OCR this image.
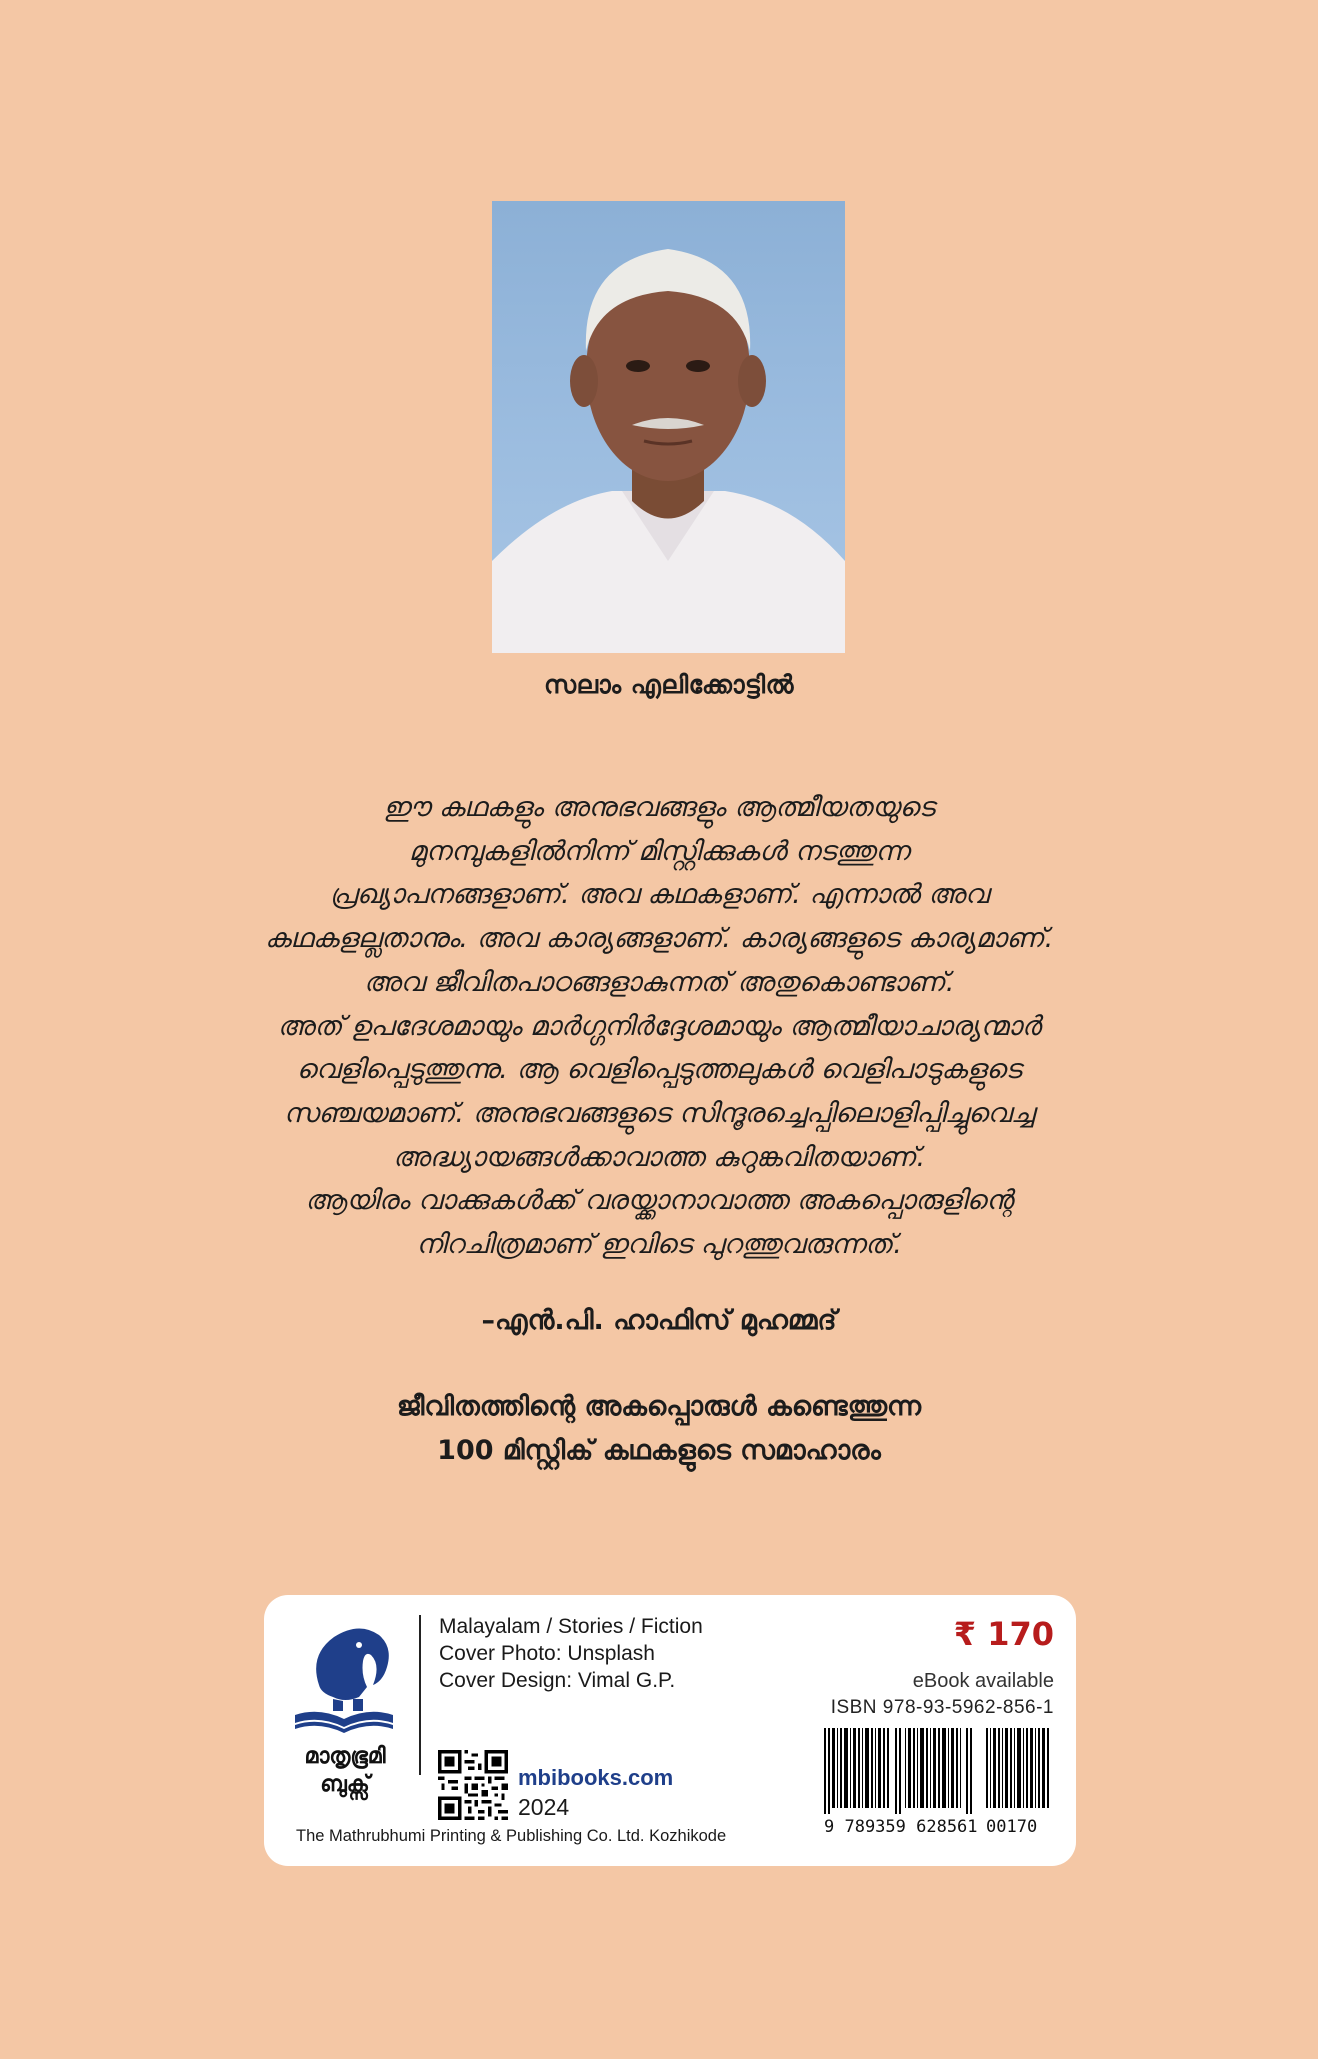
സലാം എലിക്കോട്ടിൽ
ഈ കഥകളും അനുഭവങ്ങളും ആത്മീയതയുടെ
മുനമ്പുകളിൽനിന്ന് മിസ്റ്റിക്കുകൾ നടത്തുന്ന
പ്രഖ്യാപനങ്ങളാണ്. അവ കഥകളാണ്. എന്നാൽ അവ
കഥകളല്ലതാനും. അവ കാര്യങ്ങളാണ്. കാര്യങ്ങളുടെ കാര്യമാണ്.
അവ ജീവിതപാഠങ്ങളാകുന്നത് അതുകൊണ്ടാണ്.
അത് ഉപദേശമായും മാർഗ്ഗനിർദ്ദേശമായും ആത്മീയാചാര്യന്മാർ
വെളിപ്പെടുത്തുന്നു. ആ വെളിപ്പെടുത്തലുകൾ വെളിപാടുകളുടെ
സഞ്ചയമാണ്. അനുഭവങ്ങളുടെ സിന്ദൂരച്ചെപ്പിലൊളിപ്പിച്ചുവെച്ച
അദ്ധ്യായങ്ങൾക്കാവാത്ത കുറുങ്കവിതയാണ്.
ആയിരം വാക്കുകൾക്ക് വരയ്ക്കാനാവാത്ത അകപ്പൊരുളിന്റെ
നിറചിത്രമാണ് ഇവിടെ പുറത്തുവരുന്നത്.
–എൻ.പി. ഹാഫിസ് മുഹമ്മദ്
ജീവിതത്തിന്റെ അകപ്പൊരുൾ കണ്ടെത്തുന്ന
100 മിസ്റ്റിക് കഥകളുടെ സമാഹാരം
മാതൃഭൂമി
ബുക്സ്
Malayalam / Stories / Fiction
Cover Photo: Unsplash
Cover Design: Vimal G.P.
mbibooks.com
2024
The Mathrubhumi Printing & Publishing Co. Ltd. Kozhikode
₹ 170
eBook available
ISBN 978-93-5962-856-1
9 789359 628561 00170
